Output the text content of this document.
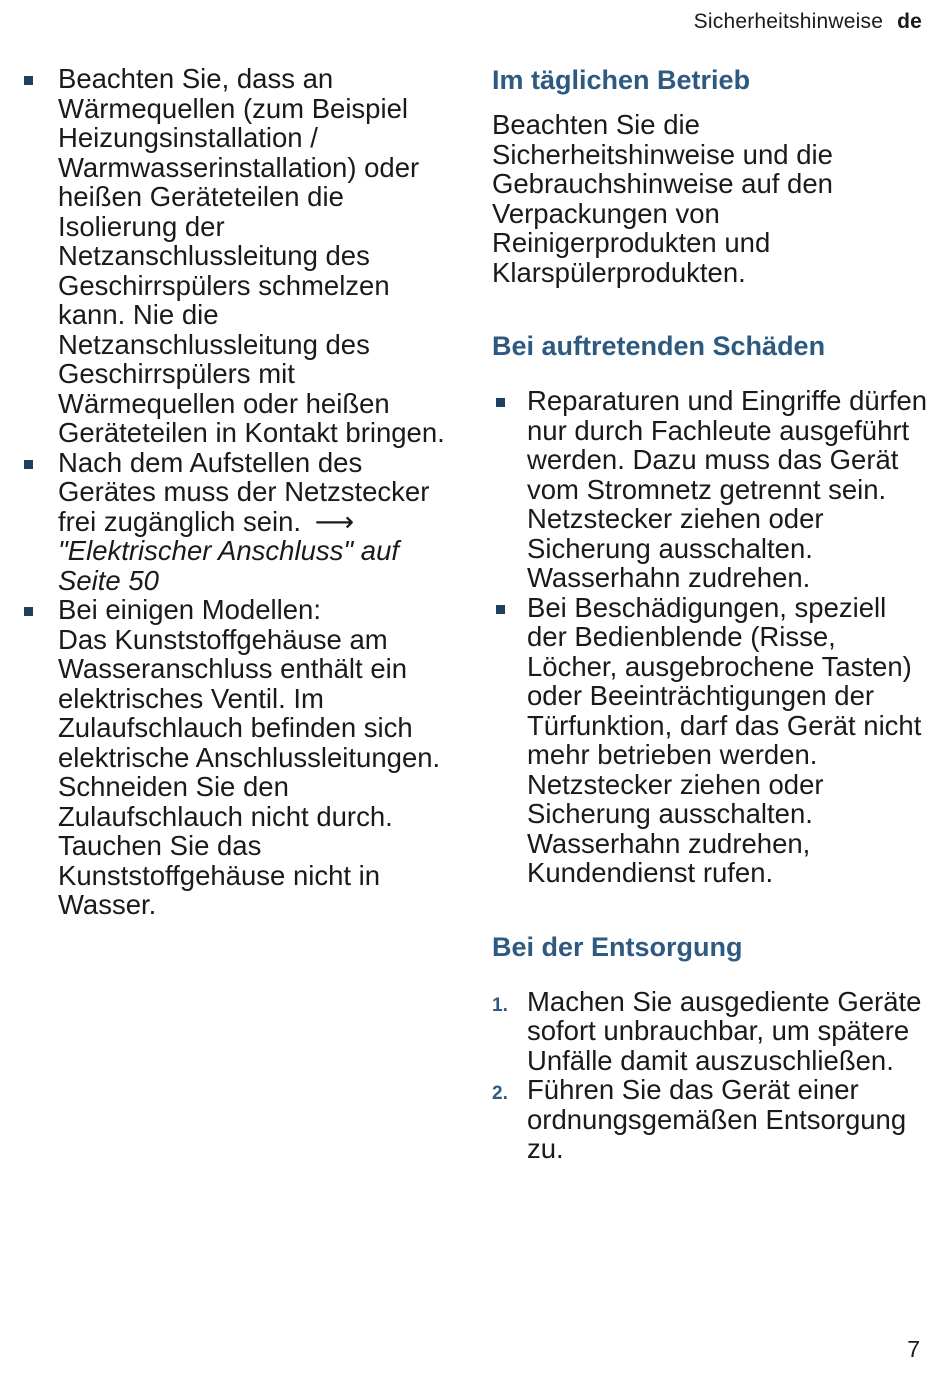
Sicherheitshinweise de
Beachten Sie, dass an Wärmequellen (zum Beispiel Heizungsinstallation / Warmwasserinstallation) oder heißen Geräteteilen die Isolierung der Netzanschlussleitung des Geschirrspülers schmelzen kann. Nie die Netzanschlussleitung des Geschirrspülers mit Wärmequellen oder heißen Geräteteilen in Kontakt bringen.
Nach dem Aufstellen des Gerätes muss der Netzstecker frei zugänglich sein. ⟶"Elektrischer Anschluss" auf Seite 50
Bei einigen Modellen:
Das Kunststoffgehäuse am Wasseranschluss enthält ein elektrisches Ventil. Im Zulaufschlauch befinden sich elektrische Anschlussleitungen. Schneiden Sie den Zulaufschlauch nicht durch. Tauchen Sie das Kunststoffgehäuse nicht in Wasser.
Im täglichen Betrieb

Beachten Sie die Sicherheitshinweise und die Gebrauchshinweise auf den Verpackungen von Reinigerprodukten und Klarspülerprodukten.

Bei auftretenden Schäden
Reparaturen und Eingriffe dürfen nur durch Fachleute ausgeführt werden. Dazu muss das Gerät vom Stromnetz getrennt sein. Netzstecker ziehen oder Sicherung ausschalten. Wasserhahn zudrehen.
Bei Beschädigungen, speziell der Bedienblende (Risse, Löcher, ausgebrochene Tasten) oder Beeinträchtigungen der Türfunktion, darf das Gerät nicht mehr betrieben werden. Netzstecker ziehen oder Sicherung ausschalten. Wasserhahn zudrehen, Kundendienst rufen.
Bei der Entsorgung
1. Machen Sie ausgediente Geräte sofort unbrauchbar, um spätere Unfälle damit auszuschließen.
2. Führen Sie das Gerät einer ordnungsgemäßen Entsorgung zu.
7
